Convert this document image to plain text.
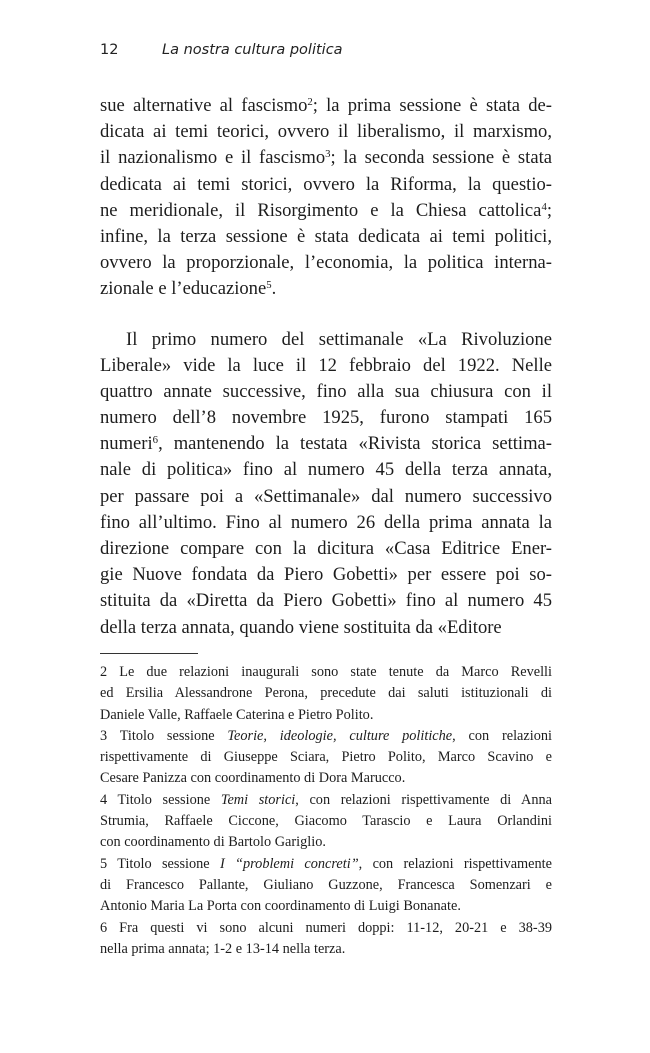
12	La nostra cultura politica
sue alternative al fascismo$^2$; la prima sessione è stata de-
dicata ai temi teorici, ovvero il liberalismo, il marxismo,
il nazionalismo e il fascismo$^3$; la seconda sessione è stata
dedicata ai temi storici, ovvero la Riforma, la questio-
ne meridionale, il Risorgimento e la Chiesa cattolica$^4$;
infine, la terza sessione è stata dedicata ai temi politici,
ovvero la proporzionale, l’economia, la politica interna-
zionale e l’educazione$^5$.
Il primo numero del settimanale «La Rivoluzione
Liberale» vide la luce il 12 febbraio del 1922. Nelle
quattro annate successive, fino alla sua chiusura con il
numero dell’8 novembre 1925, furono stampati 165
numeri$^6$, mantenendo la testata «Rivista storica settima-
nale di politica» fino al numero 45 della terza annata,
per passare poi a «Settimanale» dal numero successivo
fino all’ultimo. Fino al numero 26 della prima annata la
direzione compare con la dicitura «Casa Editrice Ener-
gie Nuove fondata da Piero Gobetti» per essere poi so-
stituita da «Diretta da Piero Gobetti» fino al numero 45
della terza annata, quando viene sostituita da «Editore
2 Le due relazioni inaugurali sono state tenute da Marco Revelli
ed Ersilia Alessandrone Perona, precedute dai saluti istituzionali di
Daniele Valle, Raffaele Caterina e Pietro Polito.
3 Titolo sessione Teorie, ideologie, culture politiche, con relazioni
rispettivamente di Giuseppe Sciara, Pietro Polito, Marco Scavino e
Cesare Panizza con coordinamento di Dora Marucco.
4 Titolo sessione Temi storici, con relazioni rispettivamente di Anna
Strumia, Raffaele Ciccone, Giacomo Tarascio e Laura Orlandini
con coordinamento di Bartolo Gariglio.
5 Titolo sessione I “problemi concreti”, con relazioni rispettivamente
di Francesco Pallante, Giuliano Guzzone, Francesca Somenzari e
Antonio Maria La Porta con coordinamento di Luigi Bonanate.
6 Fra questi vi sono alcuni numeri doppi: 11-12, 20-21 e 38-39
nella prima annata; 1-2 e 13-14 nella terza.
